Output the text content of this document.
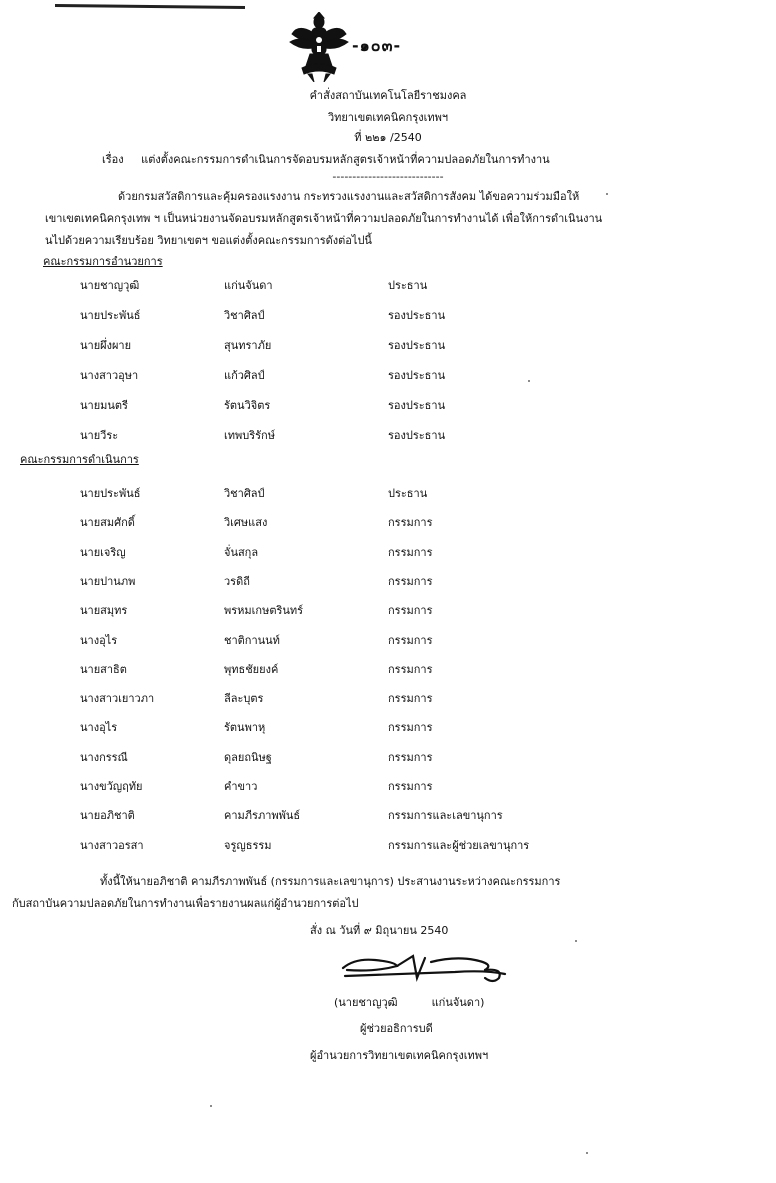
-๑๐๓-
คำสั่งสถาบันเทคโนโลยีราชมงคล
วิทยาเขตเทคนิคกรุงเทพฯ
ที่ ๒๒๑ /2540
เรื่อง แต่งตั้งคณะกรรมการดำเนินการจัดอบรมหลักสูตรเจ้าหน้าที่ความปลอดภัยในการทำงาน
----------------------------
ด้วยกรมสวัสดิการและคุ้มครองแรงงาน กระทรวงแรงงานและสวัสดิการสังคม ได้ขอความร่วมมือให้
เขาเขตเทคนิคกรุงเทพ ฯ เป็นหน่วยงานจัดอบรมหลักสูตรเจ้าหน้าที่ความปลอดภัยในการทำงานได้ เพื่อให้การดำเนินงาน
นไปด้วยความเรียบร้อย วิทยาเขตฯ ขอแต่งตั้งคณะกรรมการดังต่อไปนี้
คณะกรรมการอำนวยการ
นายชาญวุฒิ	แก่นจันดา	ประธาน
นายประพันธ์	วิชาศิลป์	รองประธาน
นายผึ่งผาย	สุนทราภัย	รองประธาน
นางสาวอุษา	แก้วศิลป์	รองประธาน
นายมนตรี	รัตนวิจิตร	รองประธาน
นายวีระ	เทพบริรักษ์	รองประธาน
คณะกรรมการดำเนินการ
นายประพันธ์	วิชาศิลป์	ประธาน
นายสมศักดิ์	วิเศษแสง	กรรมการ
นายเจริญ	จั่นสกุล	กรรมการ
นายปานภพ	วรดิถี	กรรมการ
นายสมุทร	พรหมเกษตรินทร์	กรรมการ
นางอุไร	ชาติกานนท์	กรรมการ
นายสาธิต	พุทธชัยยงค์	กรรมการ
นางสาวเยาวภา	ลีละบุตร	กรรมการ
นางอุไร	รัตนพาหุ	กรรมการ
นางกรรณี	ดุลยถนิษฐ	กรรมการ
นางขวัญฤทัย	คำขาว	กรรมการ
นายอภิชาติ	คามภีรภาพพันธ์	กรรมการและเลขานุการ
นางสาวอรสา	จรูญธรรม	กรรมการและผู้ช่วยเลขานุการ
ทั้งนี้ให้นายอภิชาติ คามภีรภาพพันธ์ (กรรมการและเลขานุการ) ประสานงานระหว่างคณะกรรมการ
กับสถาบันความปลอดภัยในการทำงานเพื่อรายงานผลแก่ผู้อำนวยการต่อไป
สั่ง ณ วันที่ ๙ มิถุนายน 2540
(นายชาญวุฒิ	แก่นจันดา)
ผู้ช่วยอธิการบดี
ผู้อำนวยการวิทยาเขตเทคนิคกรุงเทพฯ
